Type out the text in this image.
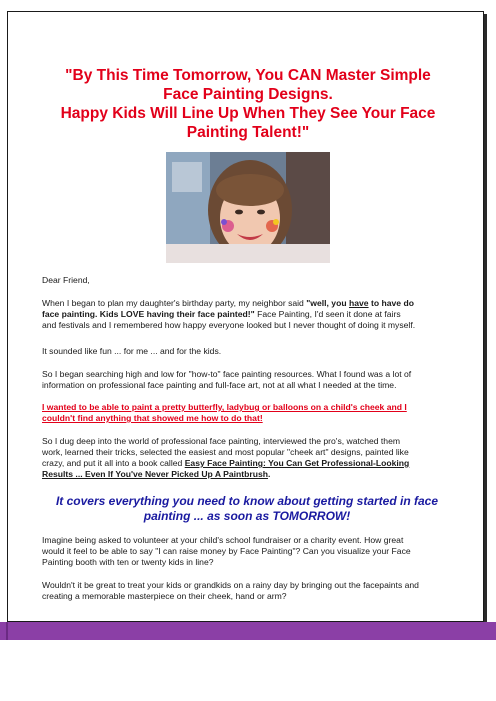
"By This Time Tomorrow, You CAN Master Simple
Face Painting Designs.
Happy Kids Will Line Up When They See Your Face
Painting Talent!"
Dear Friend,
When I began to plan my daughter's birthday party, my neighbor said "well, you have to have do
face painting. Kids LOVE having their face painted!" Face Painting, I'd seen it done at fairs
and festivals and I remembered how happy everyone looked but I never thought of doing it myself.
It sounded like fun ... for me ... and for the kids.
So I began searching high and low for "how-to" face painting resources. What I found was a lot of
information on professional face painting and full-face art, not at all what I needed at the time.
I wanted to be able to paint a pretty butterfly, ladybug or balloons on a child's cheek and I
couldn't find anything that showed me how to do that!
So I dug deep into the world of professional face painting, interviewed the pro's, watched them
work, learned their tricks, selected the easiest and most popular "cheek art" designs, painted like
crazy, and put it all into a book called Easy Face Painting: You Can Get Professional-Looking
Results ... Even If You've Never Picked Up A Paintbrush.
It covers everything you need to know about getting started in face
painting ... as soon as TOMORROW!
Imagine being asked to volunteer at your child's school fundraiser or a charity event. How great
would it feel to be able to say "I can raise money by Face Painting"? Can you visualize your Face
Painting booth with ten or twenty kids in line?
Wouldn't it be great to treat your kids or grandkids on a rainy day by bringing out the facepaints and
creating a memorable masterpiece on their cheek, hand or arm?
